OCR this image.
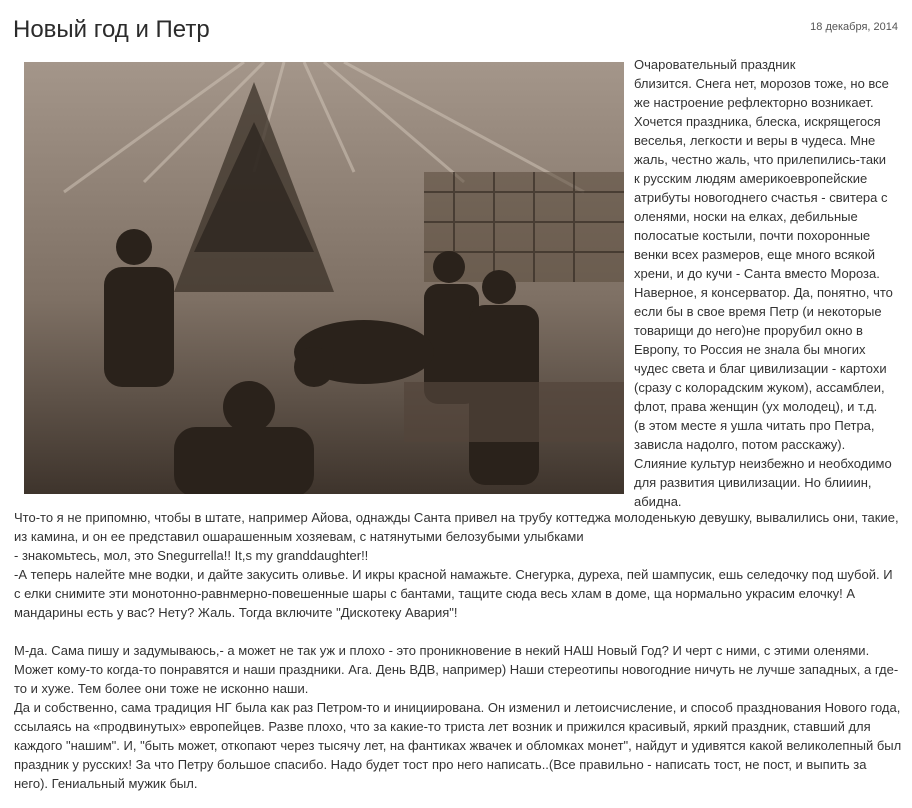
Новый год и Петр	18 декабря, 2014
Очаровательный праздник
близится. Снега нет, морозов тоже, но все
же настроение рефлекторно возникает.
Хочется праздника, блеска, искрящегося
веселья, легкости и веры в чудеса. Мне
жаль, честно жаль, что прилепились-таки
к русским людям америкоевропейские
атрибуты новогоднего счастья - свитера с
оленями, носки на елках, дебильные
полосатые костыли, почти похоронные
венки всех размеров, еще много всякой
хрени, и до кучи - Санта вместо Мороза.
Наверное, я консерватор. Да, понятно, что
если бы в свое время Петр (и некоторые
товарищи до него)не прорубил окно в
Европу, то Россия не знала бы многих
чудес света и благ цивилизации - картохи
(сразу с колорадским жуком), ассамблеи,
флот, права женщин (ух молодец), и т.д.
(в этом месте я ушла читать про Петра,
зависла надолго, потом расскажу).
Слияние культур неизбежно и необходимо
для развития цивилизации. Но блииин,
абидна.

Что-то я не припомню, чтобы в штате, например Айова, однажды Санта привел на трубу коттеджа молоденькую девушку, вывалились они, такие, из камина, и он ее представил ошарашенным хозяевам, с натянутыми белозубыми улыбками

- знакомьтесь, мол, это Snegurrella!! It,s my granddaughter!!

-А теперь налейте мне водки, и дайте закусить оливье. И икры красной намажьте. Снегурка, дуреха, пей шампусик, ешь селедочку под шубой. И с елки снимите эти монотонно-равнмерно-повешенные шары с бантами, тащите сюда весь хлам в доме, ща нормально украсим елочку! А мандарины есть у вас? Нету? Жаль. Тогда включите "Дискотеку Авария"!

М-да. Сама пишу и задумываюсь,- а может не так уж и плохо - это проникновение в некий НАШ Новый Год? И черт с ними, с этими оленями. Может кому-то когда-то понравятся и наши праздники. Ага. День ВДВ, например) Наши стереотипы новогодние ничуть не лучше западных, а где-то и хуже. Тем более они тоже не исконно наши.

Да и собственно, сама традиция НГ была как раз Петром-то и инициирована. Он изменил и летоисчисление, и способ празднования Нового года, ссылаясь на «продвинутых» европейцев. Разве плохо, что за какие-то триста лет возник и прижился красивый, яркий праздник, ставший для каждого "нашим". И, "быть может, откопают через тысячу лет, на фантиках жвачек и обломках монет", найдут и удивятся какой великолепный был праздник у русских! За что Петру большое спасибо. Надо будет тост про него написать..(Все правильно - написать тост, не пост, и выпить за него). Гениальный мужик был.
